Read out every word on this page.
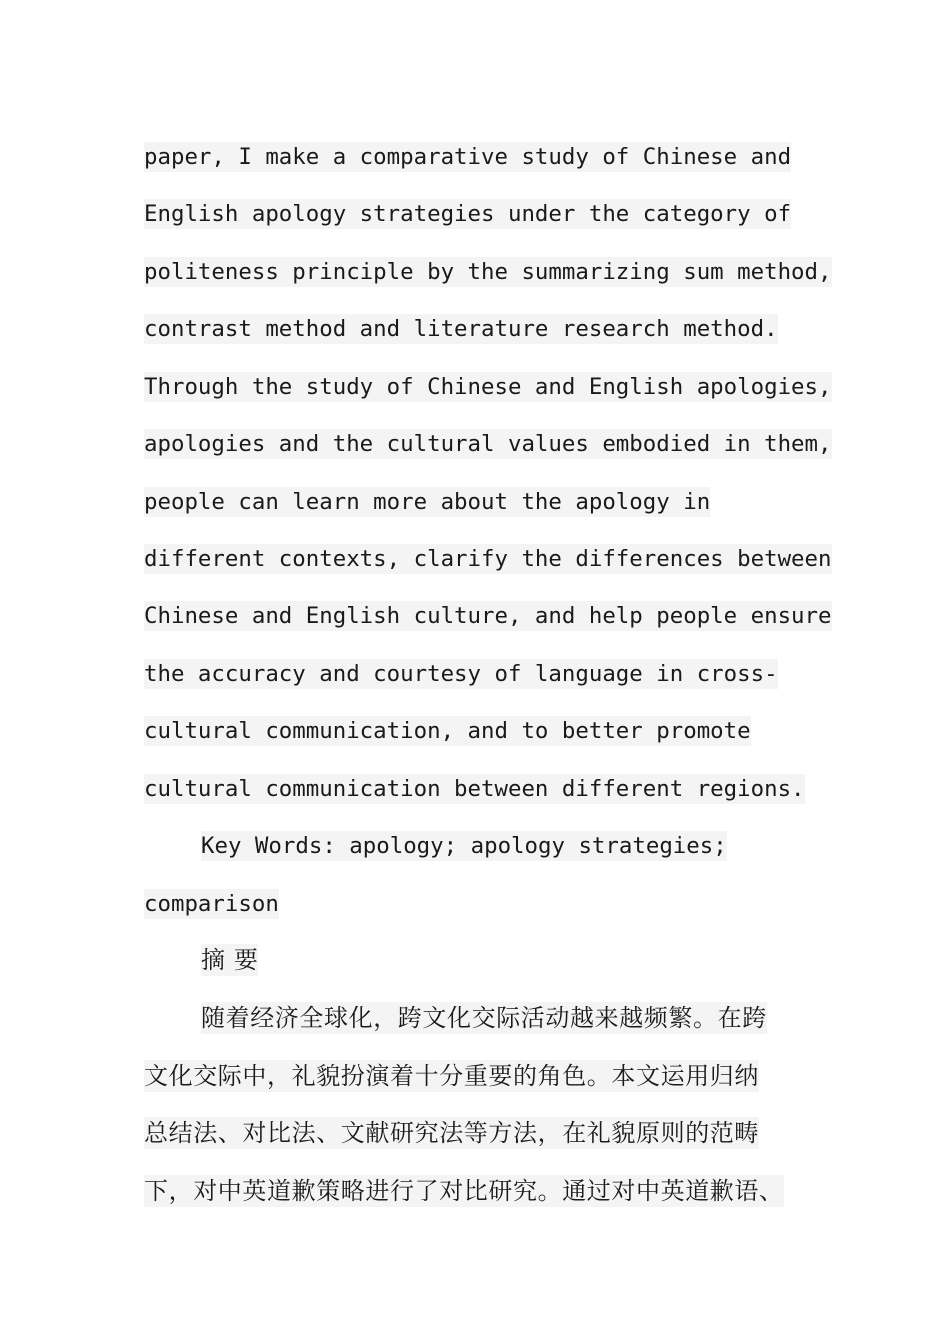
paper, I make a comparative study of Chinese and
English apology strategies under the category of
politeness principle by the summarizing sum method,
contrast method and literature research method.
Through the study of Chinese and English apologies,
apologies and the cultural values embodied in them,
people can learn more about the apology in
different contexts, clarify the differences between
Chinese and English culture, and help people ensure
the accuracy and courtesy of language in cross-
cultural communication, and to better promote
cultural communication between different regions.
Key Words: apology; apology strategies;
comparison
摘 要
随着经济全球化，跨文化交际活动越来越频繁。在跨
文化交际中，礼貌扮演着十分重要的角色。本文运用归纳
总结法、对比法、文献研究法等方法，在礼貌原则的范畴
下，对中英道歉策略进行了对比研究。通过对中英道歉语、
